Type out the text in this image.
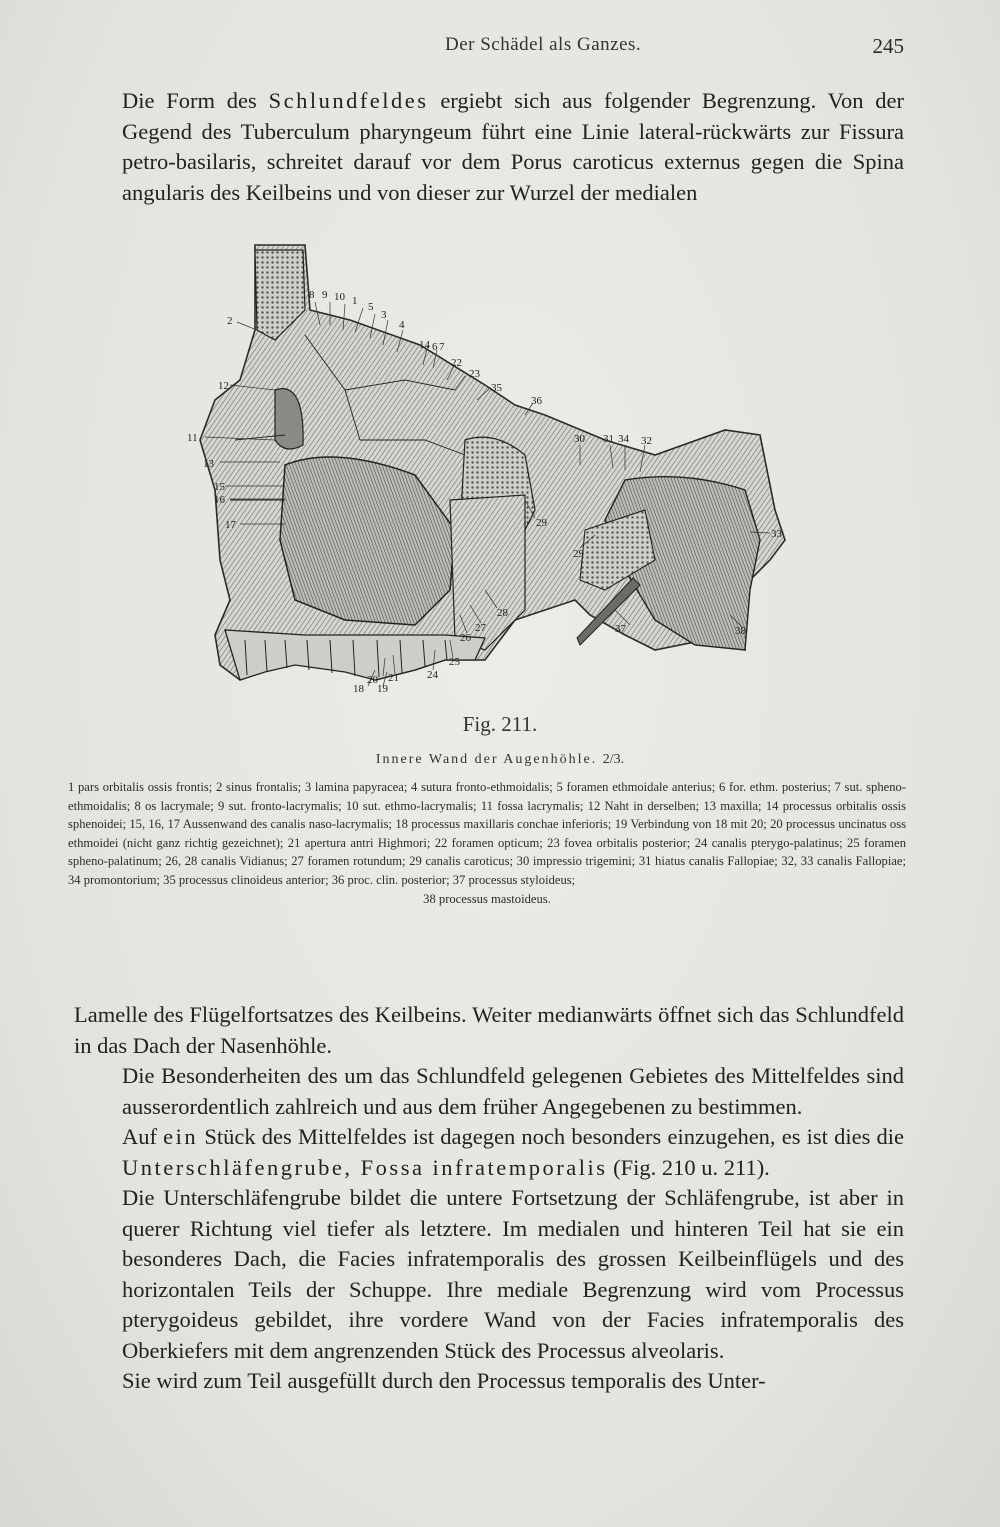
Der Schädel als Ganzes.	245

Die Form des Schlundfeldes ergiebt sich aus folgender Begrenzung. Von der Gegend des Tuberculum pharyngeum führt eine Linie lateral-rückwärts zur Fissura petro-basilaris, schreitet darauf vor dem Porus caroticus externus gegen die Spina angularis des Keilbeins und von dieser zur Wurzel der medialen

8 9 10 1 5
3
4
2
14 6 7
22
23
35
36
12
30 31 34 32
11
13
15
16
17	29
29
33
28
27
26
25
37	38
24
20 21
18 19
Fig. 211.
Innere Wand der Augenhöhle. 2/3.
1 pars orbitalis ossis frontis; 2 sinus frontalis; 3 lamina papyracea; 4 sutura fronto-ethmoidalis; 5 foramen ethmoidale anterius; 6 for. ethm. posterius; 7 sut. spheno-ethmoidalis; 8 os lacrymale; 9 sut. fronto-lacrymalis; 10 sut. ethmo-lacrymalis; 11 fossa lacrymalis; 12 Naht in derselben; 13 maxilla; 14 processus orbitalis ossis sphenoidei; 15, 16, 17 Aussenwand des canalis naso-lacrymalis; 18 processus maxillaris conchae inferioris; 19 Verbindung von 18 mit 20; 20 processus uncinatus oss ethmoidei (nicht ganz richtig gezeichnet); 21 apertura antri Highmori; 22 foramen opticum; 23 fovea orbitalis posterior; 24 canalis pterygo-palatinus; 25 foramen spheno-palatinum; 26, 28 canalis Vidianus; 27 foramen rotundum; 29 canalis caroticus; 30 impressio trigemini; 31 hiatus canalis Fallopiae; 32, 33 canalis Fallopiae; 34 promontorium; 35 processus clinoideus anterior; 36 proc. clin. posterior; 37 processus styloideus;
38 processus mastoideus.

Lamelle des Flügelfortsatzes des Keilbeins. Weiter medianwärts öffnet sich das Schlundfeld in das Dach der Nasenhöhle.

Die Besonderheiten des um das Schlundfeld gelegenen Gebietes des Mittelfeldes sind ausserordentlich zahlreich und aus dem früher Angegebenen zu bestimmen.

Auf ein Stück des Mittelfeldes ist dagegen noch besonders einzugehen, es ist dies die Unterschläfengrube, Fossa infratemporalis (Fig. 210 u. 211).

Die Unterschläfengrube bildet die untere Fortsetzung der Schläfengrube, ist aber in querer Richtung viel tiefer als letztere. Im medialen und hinteren Teil hat sie ein besonderes Dach, die Facies infratemporalis des grossen Keilbeinflügels und des horizontalen Teils der Schuppe. Ihre mediale Begrenzung wird vom Processus pterygoideus gebildet, ihre vordere Wand von der Facies infratemporalis des Oberkiefers mit dem angrenzenden Stück des Processus alveolaris.

Sie wird zum Teil ausgefüllt durch den Processus temporalis des Unter-
